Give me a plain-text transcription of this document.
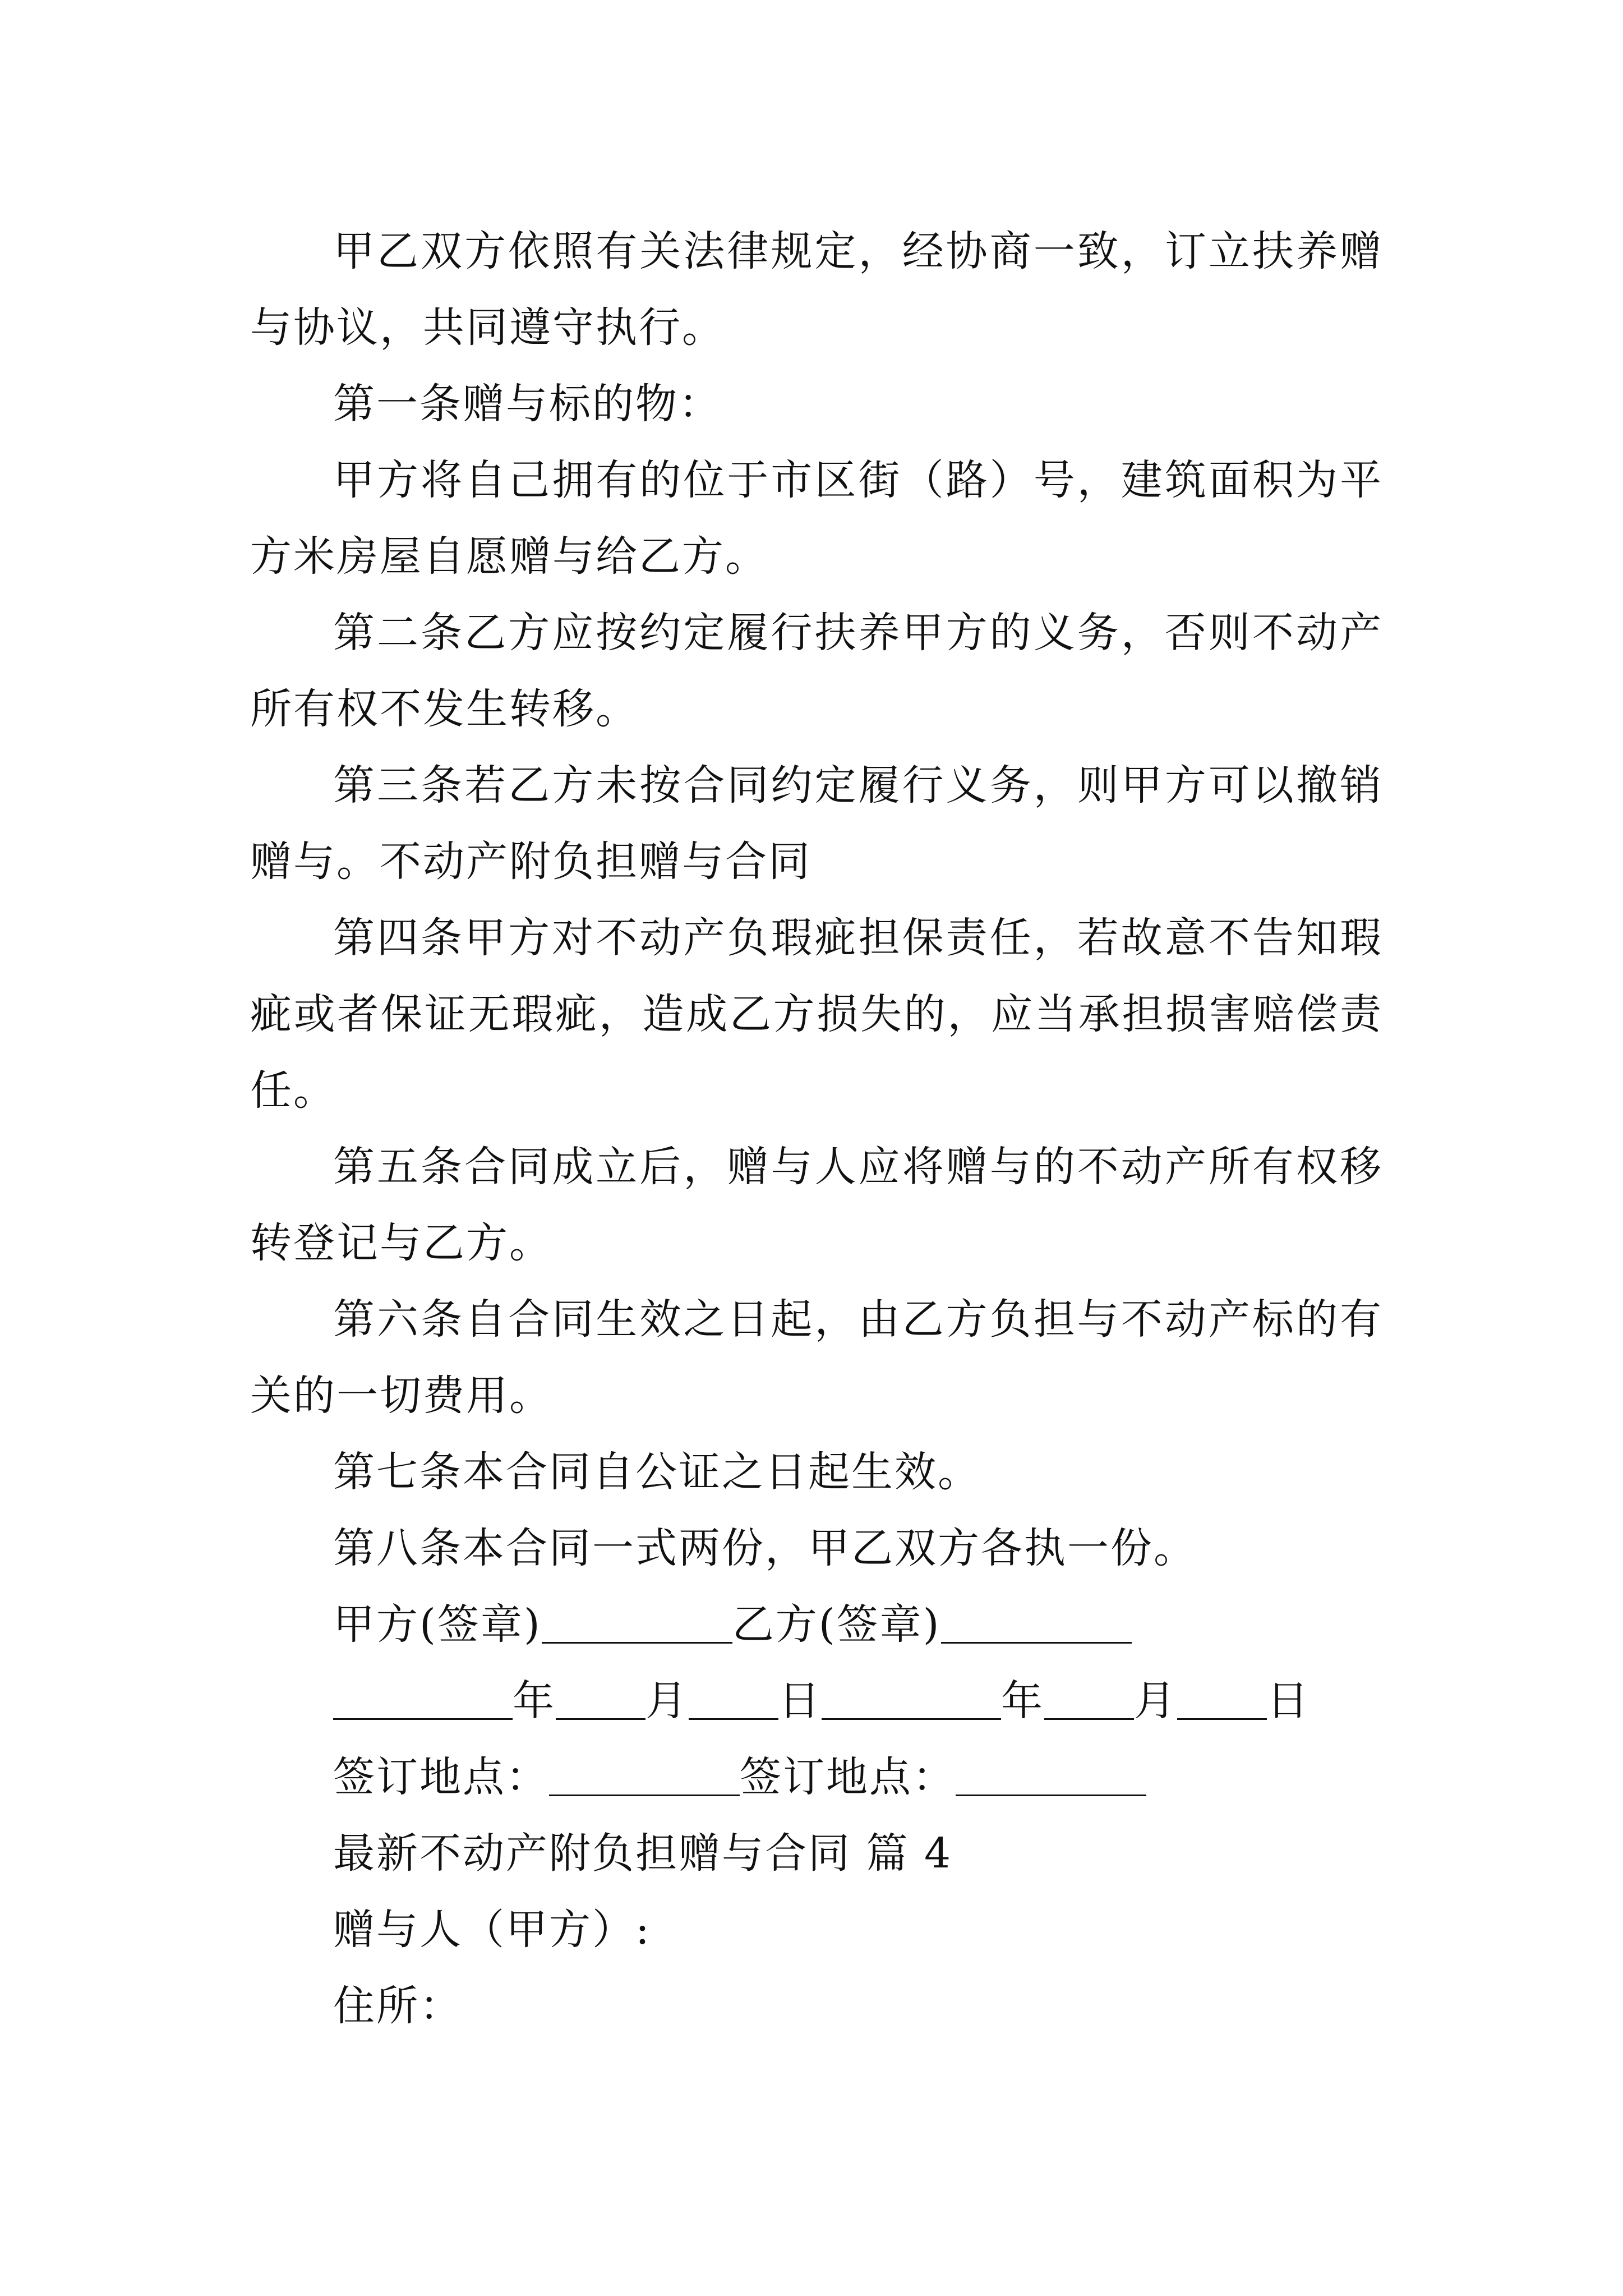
甲乙双方依照有关法律规定，经协商一致，订立扶养赠与协议，共同遵守执行。

第一条赠与标的物：

甲方将自己拥有的位于市区街（路）号，建筑面积为平方米房屋自愿赠与给乙方。

第二条乙方应按约定履行扶养甲方的义务，否则不动产所有权不发生转移。

第三条若乙方未按合同约定履行义务，则甲方可以撤销赠与。不动产附负担赠与合同

第四条甲方对不动产负瑕疵担保责任，若故意不告知瑕疵或者保证无瑕疵，造成乙方损失的，应当承担损害赔偿责任。

第五条合同成立后，赠与人应将赠与的不动产所有权移转登记与乙方。

第六条自合同生效之日起，由乙方负担与不动产标的有关的一切费用。

第七条本合同自公证之日起生效。

第八条本合同一式两份，甲乙双方各执一份。

甲方(签章)	乙方(签章)

年 月 日	年 月 日

签订地点：	签订地点：

最新不动产附负担赠与合同 篇 4

赠与人（甲方）:

住所：
